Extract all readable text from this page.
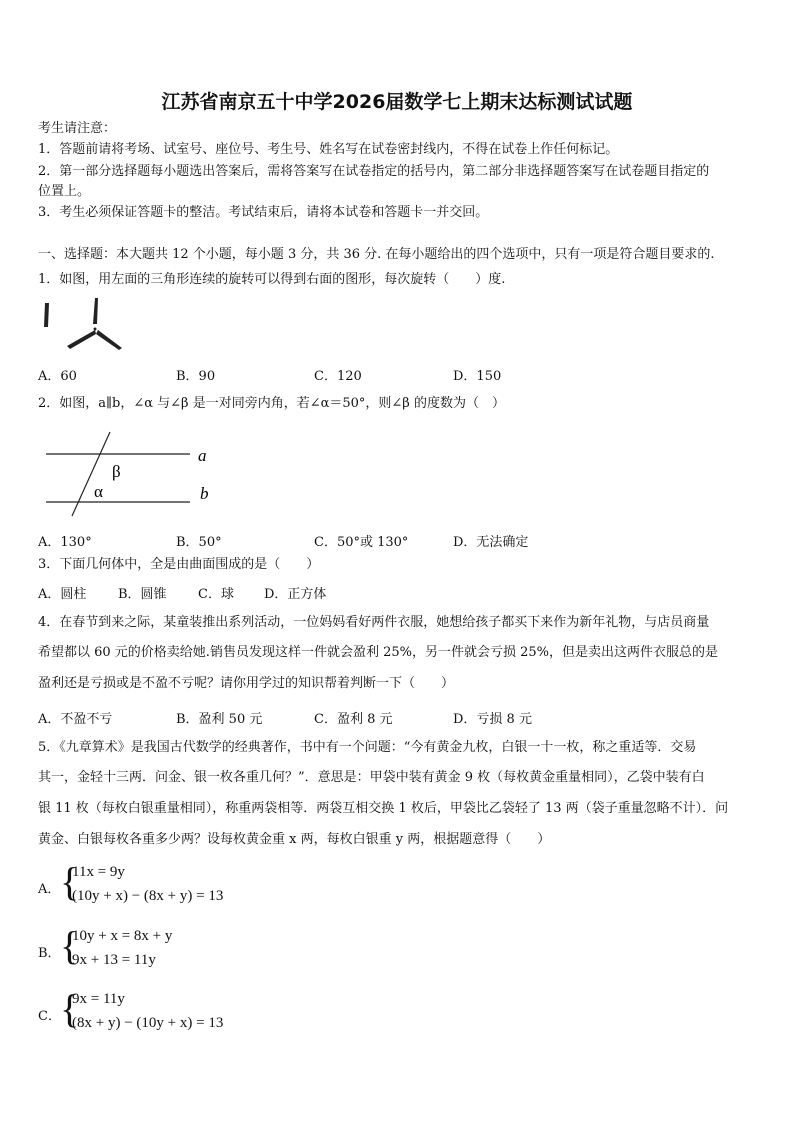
江苏省南京五十中学2026届数学七上期末达标测试试题
考生请注意：
1．答题前请将考场、试室号、座位号、考生号、姓名写在试卷密封线内，不得在试卷上作任何标记。
2．第一部分选择题每小题选出答案后，需将答案写在试卷指定的括号内，第二部分非选择题答案写在试卷题目指定的
位置上。
3．考生必须保证答题卡的整洁。考试结束后，请将本试卷和答题卡一并交回。
一、选择题：本大题共 12 个小题，每小题 3 分，共 36 分. 在每小题给出的四个选项中，只有一项是符合题目要求的.
1．如图，用左面的三角形连续的旋转可以得到右面的图形，每次旋转（　　）度.
A．60	B．90	C．120	D．150
2．如图，a∥b，∠α 与∠β 是一对同旁内角，若∠α＝50°，则∠β 的度数为（　）
a
b
β
α
A．130°	B．50°	C．50°或 130°	D．无法确定
3．下面几何体中，全是由曲面围成的是（　　）
A．圆柱 B．圆锥 C．球 D．正方体
4．在春节到来之际，某童装推出系列活动，一位妈妈看好两件衣服，她想给孩子都买下来作为新年礼物，与店员商量
希望都以 60 元的价格卖给她.销售员发现这样一件就会盈利 25%，另一件就会亏损 25%，但是卖出这两件衣服总的是
盈利还是亏损或是不盈不亏呢？请你用学过的知识帮着判断一下（　　）
A．不盈不亏	B．盈利 50 元	C．盈利 8 元	D．亏损 8 元
5．《九章算术》是我国古代数学的经典著作，书中有一个问题：“今有黄金九枚，白银一十一枚，称之重适等．交易
其一，金轻十三两．问金、银一枚各重几何？”．意思是：甲袋中装有黄金 9 枚（每枚黄金重量相同），乙袋中装有白
银 11 枚（每枚白银重量相同），称重两袋相等．两袋互相交换 1 枚后，甲袋比乙袋轻了 13 两（袋子重量忽略不计）．问
黄金、白银每枚各重多少两？设每枚黄金重 x 两，每枚白银重 y 两，根据题意得（　　）
A． {
11x = 9y
(10y + x) − (8x + y) = 13
B． {
10y + x = 8x + y
9x + 13 = 11y
C． {
9x = 11y
(8x + y) − (10y + x) = 13
